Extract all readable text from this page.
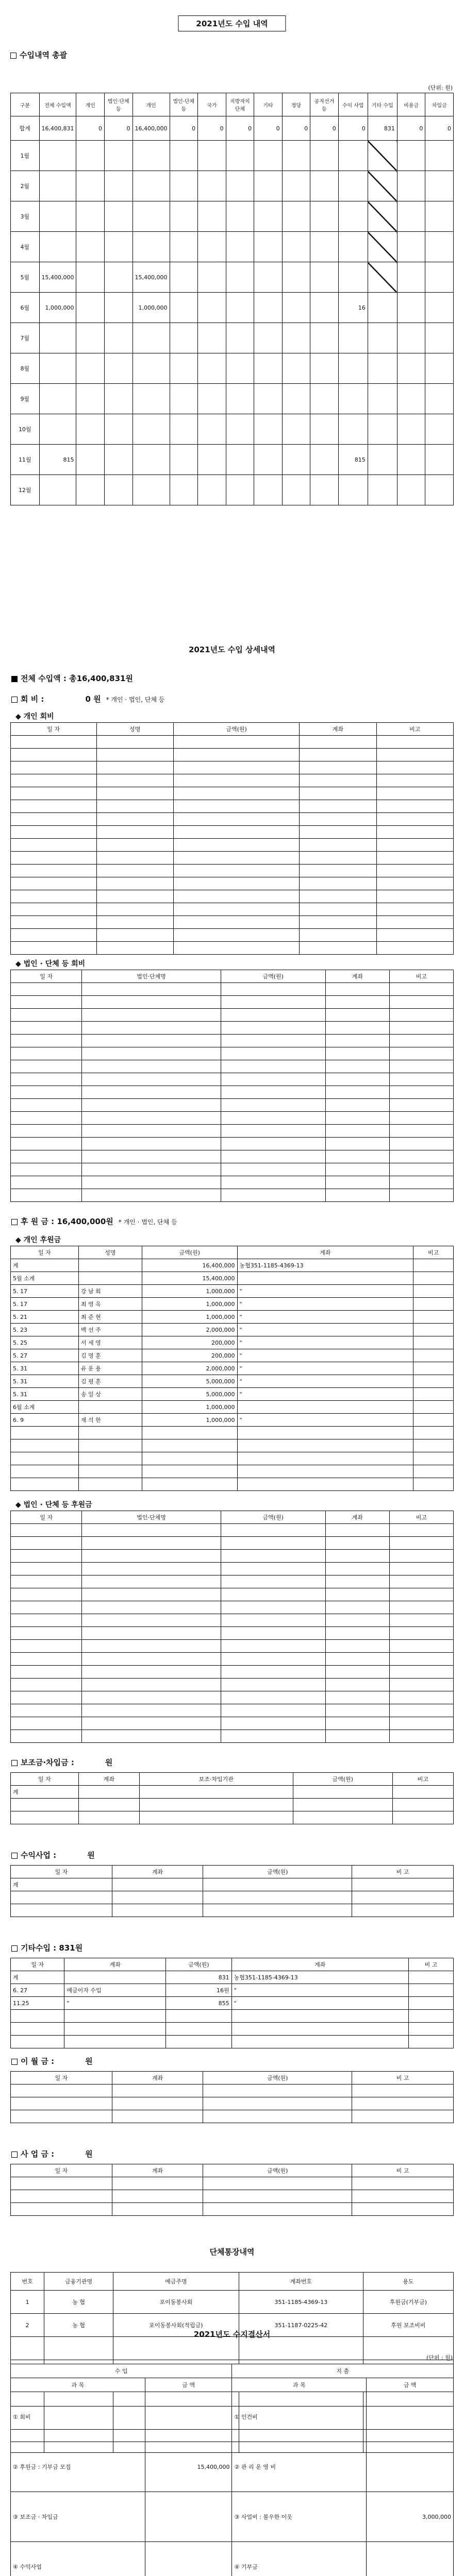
2021년도 수입 내역
수입내역 총괄
(단위: 원)
구분	전체 수입액	개인	법인·단체 등	개인	법인·단체 등	국가	지방자치단체	기타	정당	공직선거 등	수익 사업	기타 수입	비용금	차입금
합계	16,400,831	0	0	16,400,000	0	0	0	0	0	0	0	831	0	0
1월														
2월														
3월														
4월														
5월	15,400,000			15,400,000										
6월	1,000,000			1,000,000							16			
7월														
8월														
9월														
10월														
11월	815										815			
12월														
2021년도 수입 상세내역
전체 수입액 : 총16,400,831원
회 비 :	0 원 * 개인 · 법인, 단체 등
◆ 개인 회비
일 자	성명	금액(원)	계좌	비고

◆ 법인 · 단체 등 회비
일 자	법인·단체명	금액(원)	계좌	비고

후 원 금 : 16,400,000원 * 개인 · 법인, 단체 등
◆ 개인 후원금
일 자	성명	금액(원)	계좌	비고
계		16,400,000	농협351-1185-4369-13	
5월 소계		15,400,000		
5. 17	강 남 회	1,000,000	"	
5. 17	최 영 옥	1,000,000	"	
5. 21	최 준 현	1,000,000	"	
5. 23	백 선 주	2,000,000	"	
5. 25	서 세 영	200,000	"	
5. 27	김 명 훈	200,000	"	
5. 31	유 운 용	2,000,000	"	
5. 31	김 평 훈	5,000,000	"	
5. 31	송 일 상	5,000,000	"	
6월 소계		1,000,000		
6. 9	재 석 한	1,000,000	"	

◆ 법인 · 단체 등 후원금
일 자	법인·단체명	금액(원)	계좌	비고

보조금·차입금 :	원
일 자	계좌	보조·차입기관	금액(원)	비고
계				

수익사업 :	원
일 자	계좌	금액(원)	비 고
계			

기타수입 : 831원
일 자	계좌	금액(원)	계좌	비 고
계		831	농협351-1185-4369-13	
6. 27	예금이자 수입	16원	"	
11.25	"	855	"	

이 월 금 :	원
일 자	계좌	금액(원)	비 고

사 업 금 :	원
일 자	계좌	금액(원)	비 고

단체통장내역
번호	금융기관명	예금주명	계좌번호	용도
1	농 협	포이동봉사회	351-1185-4369-13	후원금(기부금)
2	농 협	포이동봉사회(적립금)	351-1187-0225-42	후원 보조비비

2021년도 수지결산서
(단위 : 원)
수 입		지 출	
과 목	금 액	과 목	금 액
① 회비		① 인건비	
② 후원금 : 기부금 모집	15,400,000	② 관 리 운 영 비	
③ 보조금 · 차입금		③ 사업비 : 불우한 이웃	3,000,000
④ 수익사업		④ 기부금	
